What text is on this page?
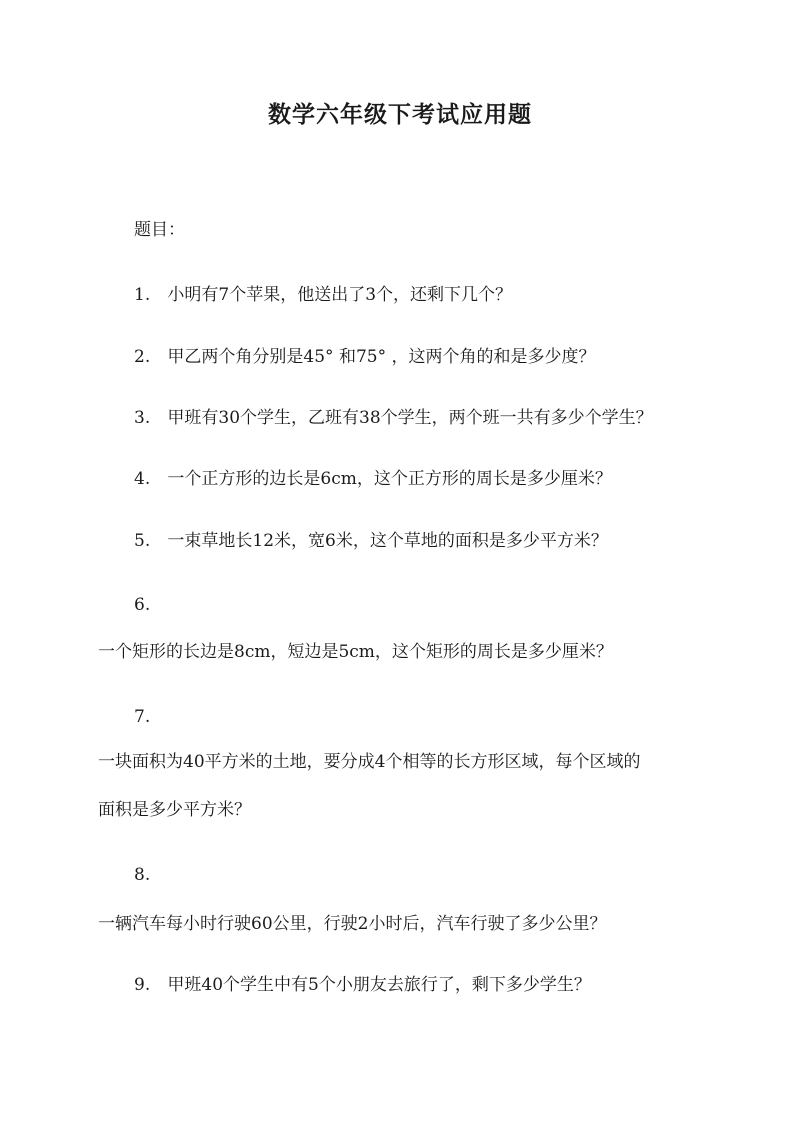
数学六年级下考试应用题
题目：
1. 小明有7个苹果，他送出了3个，还剩下几个？
2. 甲乙两个角分别是45° 和75° ，这两个角的和是多少度？
3. 甲班有30个学生，乙班有38个学生，两个班一共有多少个学生？
4. 一个正方形的边长是6cm，这个正方形的周长是多少厘米？
5. 一束草地长12米，宽6米，这个草地的面积是多少平方米？
6.
一个矩形的长边是8cm，短边是5cm，这个矩形的周长是多少厘米？
7.
一块面积为40平方米的土地，要分成4个相等的长方形区域，每个区域的
面积是多少平方米？
8.
一辆汽车每小时行驶60公里，行驶2小时后，汽车行驶了多少公里？
9. 甲班40个学生中有5个小朋友去旅行了，剩下多少学生？
